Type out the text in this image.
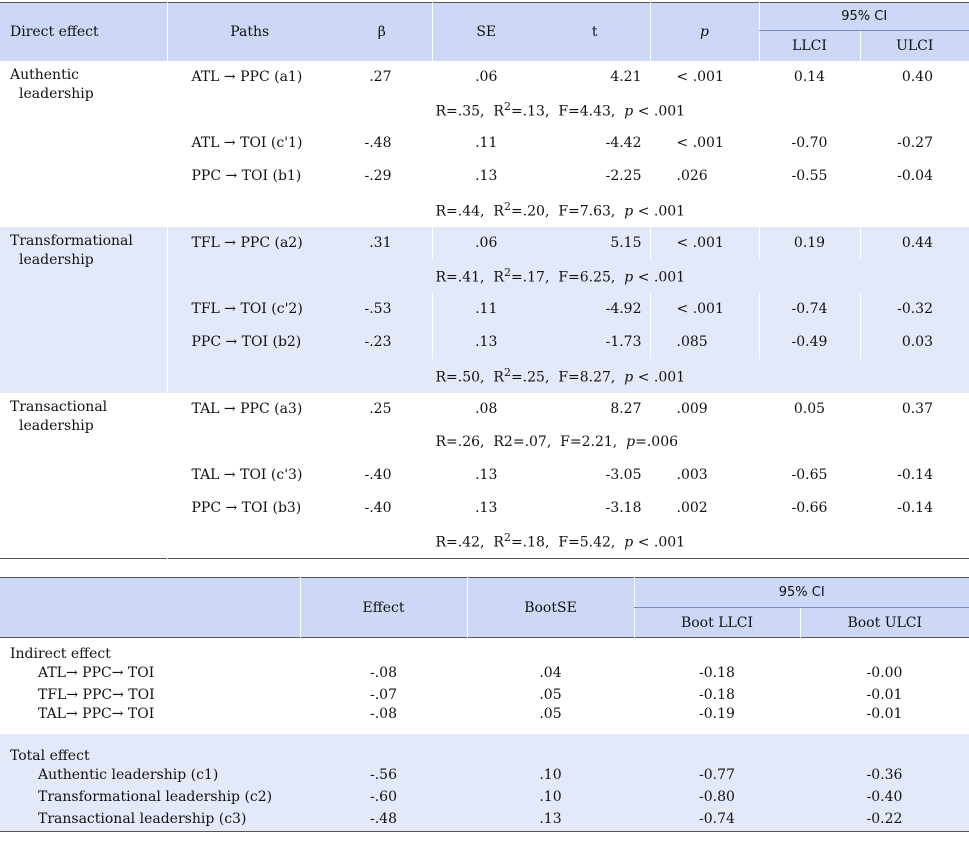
Direct effect	Paths	β	SE	t	p	95% CI	
						LLCI	ULCI

Authentic
leadership	ATL → PPC (a1)	.27	.06	4.21	< .001	0.14	0.40

	R=.35, $R^2=.13$, F=4.43, p < .001						

	ATL → TOI (c'1)	-.48	.11	-4.42	< .001	-0.70	-0.27
	PPC → TOI (b1)	-.29	.13	-2.25	.026	-0.55	-0.04

	R=.44, $R^2=.20$, F=7.63, p < .001						

Transformational
leadership	TFL → PPC (a2)	.31	.06	5.15	< .001	0.19	0.44

	R=.41, $R^2=.17$, F=6.25, p < .001						

	TFL → TOI (c'2)	-.53	.11	-4.92	< .001	-0.74	-0.32
	PPC → TOI (b2)	-.23	.13	-1.73	.085	-0.49	0.03

	R=.50, $R^2=.25$, F=8.27, p < .001						

Transactional
leadership	TAL → PPC (a3)	.25	.08	8.27	.009	0.05	0.37

	R=.26,  R2=.07,  F=2.21,  p=.006						

	TAL → TOI (c'3)	-.40	.13	-3.05	.003	-0.65	-0.14
	PPC → TOI (b3)	-.40	.13	-3.18	.002	-0.66	-0.14

	R=.42, $R^2=.18$, F=5.42, p < .001						
	Effect	BootSE	95% CI	
			Boot LLCI	Boot ULCI
Indirect effect				
ATL→ PPC→ TOI	-.08	.04	-0.18	-0.00
TFL→ PPC→ TOI	-.07	.05	-0.18	-0.01
TAL→ PPC→ TOI	-.08	.05	-0.19	-0.01
Total effect				
Authentic leadership (c1)	-.56	.10	-0.77	-0.36
Transformational leadership (c2)	-.60	.10	-0.80	-0.40
Transactional leadership (c3)	-.48	.13	-0.74	-0.22
